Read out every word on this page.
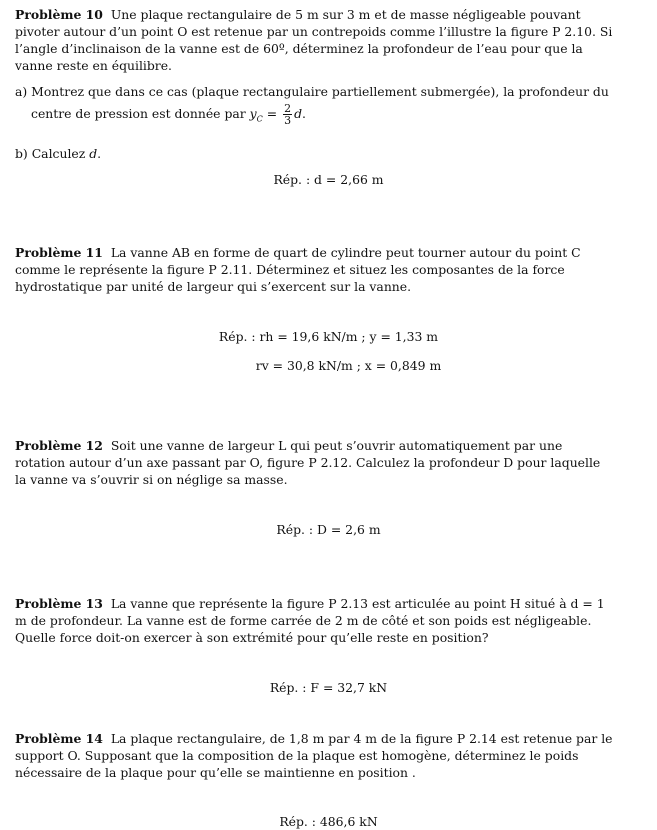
Problème 10 Une plaque rectangulaire de 5 m sur 3 m et de masse négligeable pouvant pivoter autour d’un point O est retenue par un contrepoids comme l’illustre la figure P 2.10. Si l’angle d’inclinaison de la vanne est de 60º, déterminez la profondeur de l’eau pour que la vanne reste en équilibre.
a) Montrez que dans ce cas (plaque rectangulaire partiellement submergée), la profondeur du
centre de pression est donnée par $y_C = \frac{2}{3} d$.
b) Calculez d.
Rép. : d = 2,66 m
Problème 11 La vanne AB en forme de quart de cylindre peut tourner autour du point C comme le représente la figure P 2.11. Déterminez et situez les composantes de la force hydrostatique par unité de largeur qui s’exercent sur la vanne.
Rép. : rh = 19,6 kN/m ; y = 1,33 m
rv = 30,8 kN/m ; x = 0,849 m
Problème 12 Soit une vanne de largeur L qui peut s’ouvrir automatiquement par une rotation autour d’un axe passant par O, figure P 2.12. Calculez la profondeur D pour laquelle la vanne va s’ouvrir si on néglige sa masse.
Rép. : D = 2,6 m
Problème 13 La vanne que représente la figure P 2.13 est articulée au point H situé à d = 1 m de profondeur. La vanne est de forme carrée de 2 m de côté et son poids est négligeable. Quelle force doit-on exercer à son extrémité pour qu’elle reste en position?
Rép. : F = 32,7 kN
Problème 14 La plaque rectangulaire, de 1,8 m par 4 m de la figure P 2.14 est retenue par le support O. Supposant que la composition de la plaque est homogène, déterminez le poids nécessaire de la plaque pour qu’elle se maintienne en position .
Rép. : 486,6 kN
